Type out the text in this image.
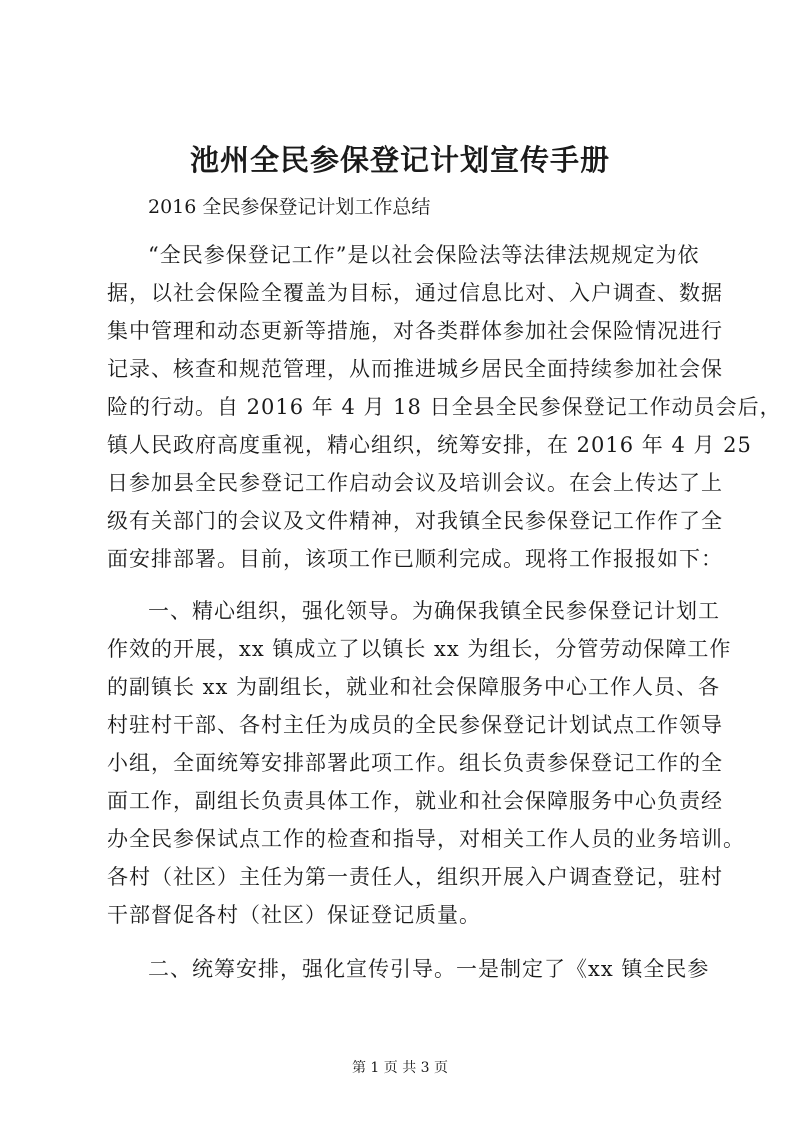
池州全民参保登记计划宣传手册

2016 全民参保登记计划工作总结

“全民参保登记工作”是以社会保险法等法律法规规定为依

据，以社会保险全覆盖为目标，通过信息比对、入户调查、数据

集中管理和动态更新等措施，对各类群体参加社会保险情况进行

记录、核查和规范管理，从而推进城乡居民全面持续参加社会保

险的行动。自 2016 年 4 月 18 日全县全民参保登记工作动员会后，

镇人民政府高度重视，精心组织，统筹安排，在 2016 年 4 月 25

日参加县全民参登记工作启动会议及培训会议。在会上传达了上

级有关部门的会议及文件精神，对我镇全民参保登记工作作了全

面安排部署。目前，该项工作已顺利完成。现将工作报报如下：

一、精心组织，强化领导。为确保我镇全民参保登记计划工

作效的开展，xx 镇成立了以镇长 xx 为组长，分管劳动保障工作

的副镇长 xx 为副组长，就业和社会保障服务中心工作人员、各

村驻村干部、各村主任为成员的全民参保登记计划试点工作领导

小组，全面统筹安排部署此项工作。组长负责参保登记工作的全

面工作，副组长负责具体工作，就业和社会保障服务中心负责经

办全民参保试点工作的检查和指导，对相关工作人员的业务培训。

各村（社区）主任为第一责任人，组织开展入户调查登记，驻村

干部督促各村（社区）保证登记质量。

二、统筹安排，强化宣传引导。一是制定了《xx 镇全民参

第 1 页 共 3 页
